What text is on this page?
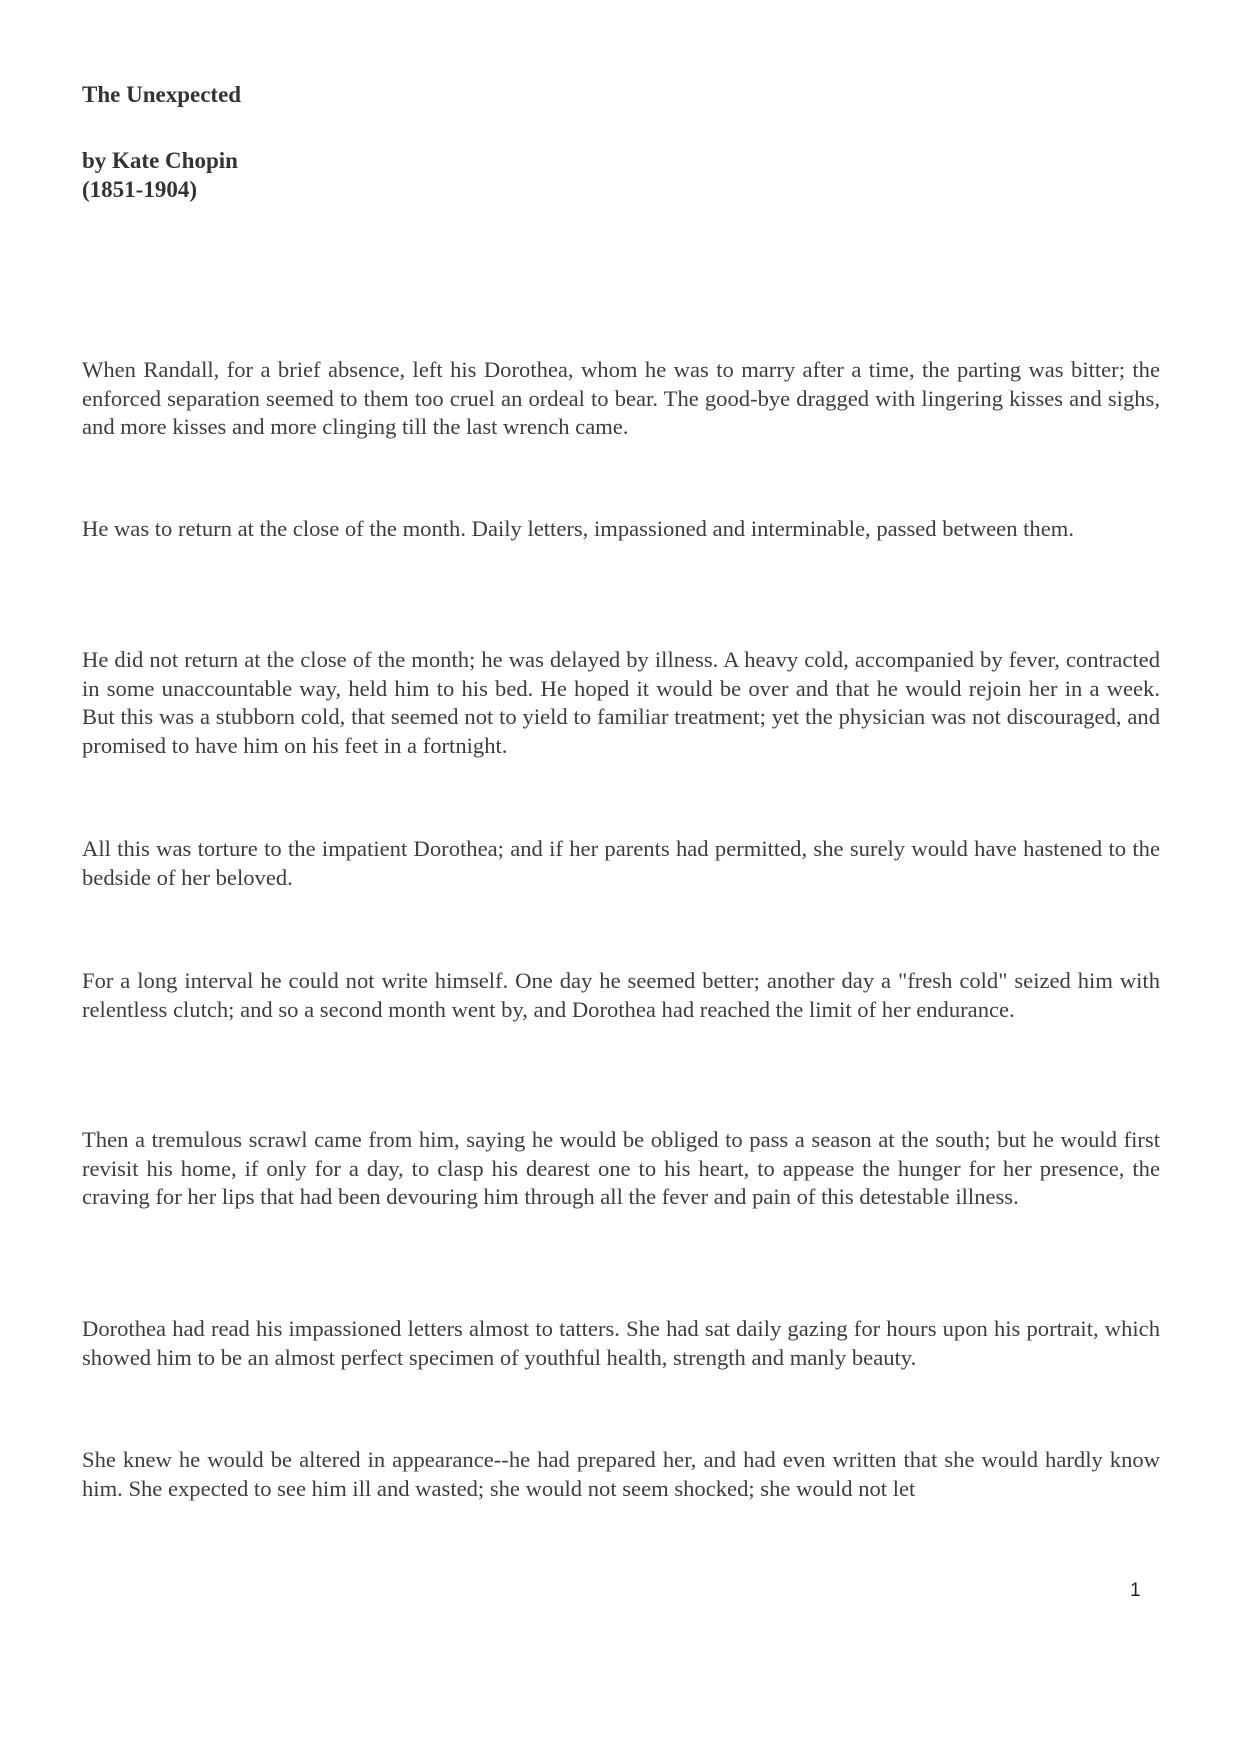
The Unexpected

by Kate Chopin

(1851-1904)

When Randall, for a brief absence, left his Dorothea, whom he was to marry after a time, the parting was bitter; the enforced separation seemed to them too cruel an ordeal to bear. The good-bye dragged with lingering kisses and sighs, and more kisses and more clinging till the last wrench came.

He was to return at the close of the month. Daily letters, impassioned and interminable, passed between them.

He did not return at the close of the month; he was delayed by illness. A heavy cold, accompanied by fever, contracted in some unaccountable way, held him to his bed. He hoped it would be over and that he would rejoin her in a week. But this was a stubborn cold, that seemed not to yield to familiar treatment; yet the physician was not discouraged, and promised to have him on his feet in a fortnight.

All this was torture to the impatient Dorothea; and if her parents had permitted, she surely would have hastened to the bedside of her beloved.

For a long interval he could not write himself. One day he seemed better; another day a "fresh cold" seized him with relentless clutch; and so a second month went by, and Dorothea had reached the limit of her endurance.

Then a tremulous scrawl came from him, saying he would be obliged to pass a season at the south; but he would first revisit his home, if only for a day, to clasp his dearest one to his heart, to appease the hunger for her presence, the craving for her lips that had been devouring him through all the fever and pain of this detestable illness.

Dorothea had read his impassioned letters almost to tatters. She had sat daily gazing for hours upon his portrait, which showed him to be an almost perfect specimen of youthful health, strength and manly beauty.

She knew he would be altered in appearance--he had prepared her, and had even written that she would hardly know him. She expected to see him ill and wasted; she would not seem shocked; she would not let

1
